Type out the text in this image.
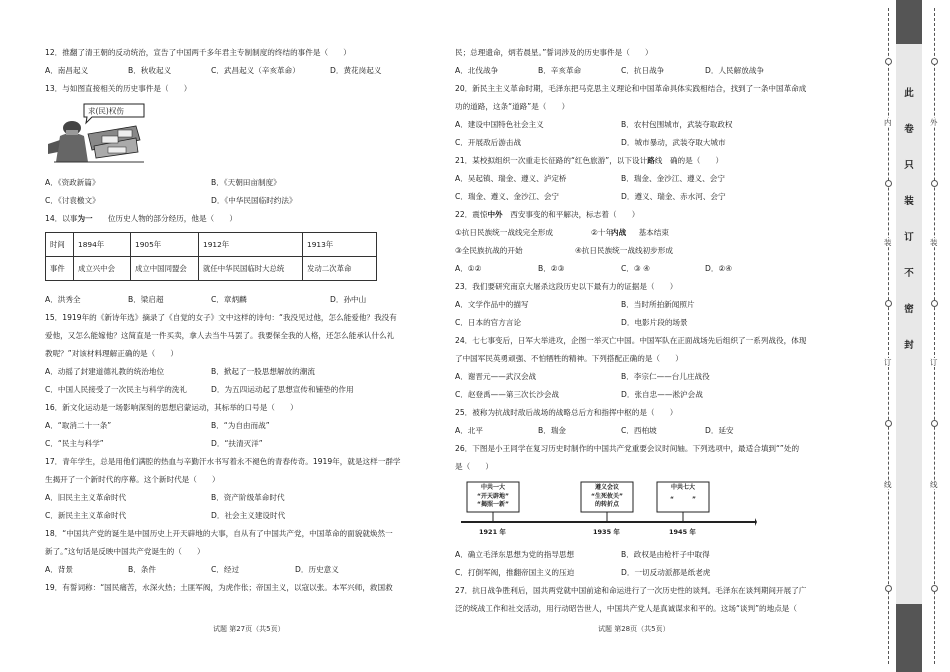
12．推翻了清王朝的反动统治，宣告了中国两千多年君主专制制度的终结的事件是（　　）
A．南昌起义	B．秋收起义	C．武昌起义（辛亥革命）	D．黄花岗起义
13．与如图直接相关的历史事件是（　　）
求(民)权伤
A．《资政新篇》	B．《天朝田亩制度》
C．《讨袁檄文》	D．《中华民国临时约法》
14．以事为一　　 位历史人物的部分经历，他是（　　）
时间	1894年	1905年	1912年	1913年
事件	成立兴中会	成立中国同盟会	就任中华民国临时大总统	发动二次革命
A．洪秀全	B．梁启超	C．章炳麟	D．孙中山
15．1919年的《新诗年选》摘录了《自觉的女子》文中这样的诗句：“我没见过他，怎么能爱他？我没有
爱他，又怎么能嫁他？这简直是一件买卖，拿人去当牛马罢了。我要保全我的人格，还怎么能承认什么礼
教呢？”对该材料理解正确的是（　　）
A．动摇了封建道德礼教的统治地位	B．掀起了一股思想解放的潮流
C．中国人民接受了一次民主与科学的洗礼	D．为五四运动起了思想宣传和铺垫的作用
16．新文化运动是一场影响深刻的思想启蒙运动，其标举的口号是（　　）
A．“取消二十一条”	B．“为自由而战”
C．“民主与科学”	D．“扶清灭洋”
17．青年学生，总是用他们满腔的热血与辛勤汗水书写着永不褪色的青春传奇。1919年，就是这样一群学
生揭开了一个新时代的序幕。这个新时代是（　　）
A．旧民主主义革命时代	B．资产阶级革命时代
C．新民主主义革命时代	D．社会主义建设时代
18．“中国共产党的诞生是中国历史上开天辟地的大事，自从有了中国共产党，中国革命的面貌就焕然一
新了。”这句话是反映中国共产党诞生的（　　）
A．背景	B．条件	C．经过	D．历史意义
19．有誓词称：“国民痛苦，水深火热；土匪军阀，为虎作伥；帝国主义，以寇以张。本军兴师，救国救
民；总理遗命，炳若晨星。”誓词涉及的历史事件是（　　）
A．北伐战争	B．辛亥革命	C．抗日战争	D．人民解放战争
20．新民主主义革命时期，毛泽东把马克思主义理论和中国革命具体实践相结合，找到了一条中国革命成
功的道路，这条“道路”是（　　）
A．建设中国特色社会主义	B．农村包围城市，武装夺取政权
C．开展敌后游击战	D．城市暴动，武装夺取大城市
21．某校拟组织一次重走长征路的“红色旅游”，以下设计路线　确的是（　　）
A．吴起镇、瑞金、遵义、泸定桥	B．瑞金、金沙江、遵义、会宁
C．瑞金、遵义、金沙江、会宁	D．遵义、瑞金、赤水河、会宁
22．震惊中外　西安事变的和平解决，标志着（　　）
①抗日民族统一战线完全形成	②十年
内战 　基本结束
③全民族抗战的开始	④抗日民族统一战线初步形成
A．①②	B．②③	C．③ ④	D．②④
23．我们要研究南京大屠杀这段历史以下最有力的证据是（　　）
A．文学作品中的描写	B．当时所拍新闻照片
C．日本的官方言论	D．电影片段的场景
24．七七事变后，日军大举进攻，企图一举灭亡中国。中国军队在正面战场先后组织了一系列战役，体现
了中国军民英勇顽强、不怕牺牲的精神。下列搭配正确的是（　　）
A．谢晋元——武汉会战	B．李宗仁——台儿庄战役
C．赵登禹——第三次长沙会战	D．张自忠——淞沪会战
25．被称为抗战时敌后战场的战略总后方和指挥中枢的是（　　）
A．北平	B．瑞金	C．西柏坡	D．延安
26．下图是小王同学在复习历史时制作的中国共产党重要会议时间轴。下列选项中，最适合填到“”处的
是（　　）
中共一大
“开天辟地”
“揭照一新”
遵义会议
“生死攸关”
的转折点
中共七大
“　　　	”
1921 年	1935 年	1945 年
A．确立毛泽东思想为党的指导思想	B．政权是由枪杆子中取得
C．打倒军阀，推翻帝国主义的压迫	D．一切反动派都是纸老虎
27．抗日战争胜利后，国共两党就中国前途和命运进行了一次历史性的谈判。毛泽东在谈判期间开展了广
泛的统战工作和社交活动，用行动昭告世人，中国共产党人是真诚谋求和平的。这场“谈判”的地点是（
试题 第27页（共5页）	试题 第28页（共5页）
此
卷
只
装
订
不
密
封
内
装
订
线
外
装
订
线
